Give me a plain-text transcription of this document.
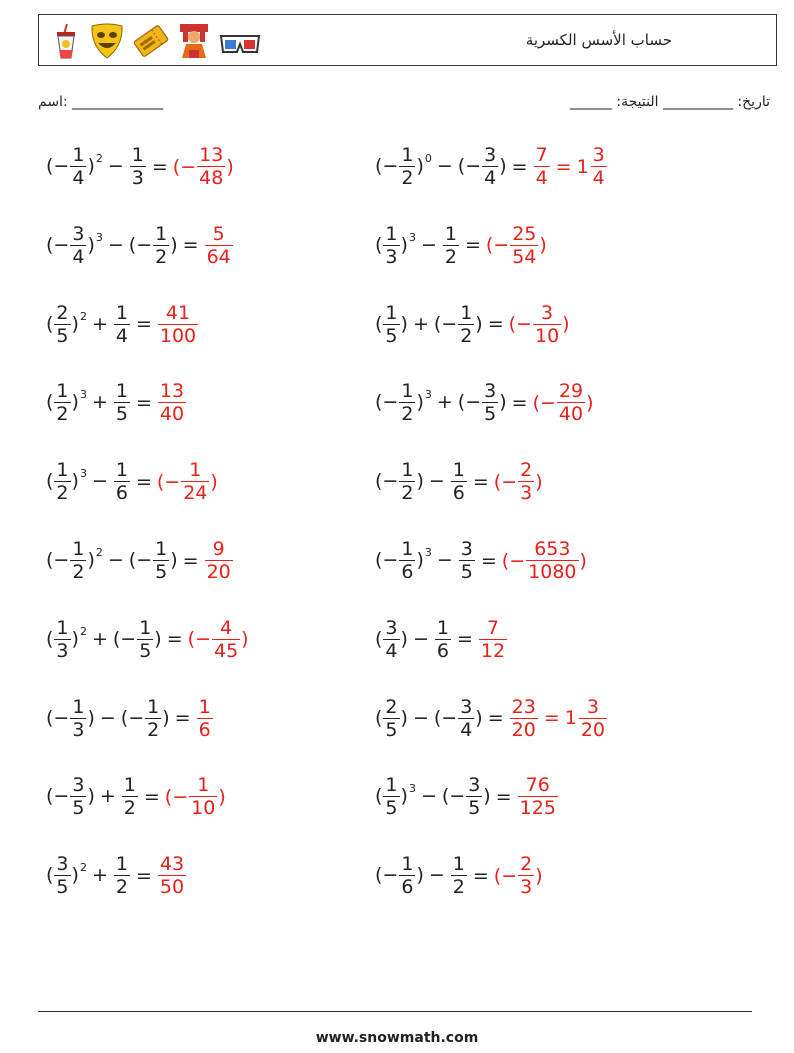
حساب الأسس الكسرية
اسم: _____________	______ :تاريخ: __________ النتيجة
(− $\frac{1}{4} )^2 - \frac{1}{3}$ = ( − $\frac{13}{48}$ )	(− $\frac{1}{2} )^0$ − (− $\frac{3}{4}$ ) = $\frac{7}{4} = 1 \frac{3}{4}$
(− $\frac{3}{4} )^3$ − (− $\frac{1}{2}$ ) = $\frac{5}{64}$	( $\frac{1}{3} )^3 - \frac{1}{2}$ = ( − $\frac{25}{54}$ )
( $\frac{2}{5} )^2 + \frac{1}{4} = \frac{41}{100}$	( $\frac{1}{5}$ ) + (− $\frac{1}{2}$ ) = ( − $\frac{3}{10}$ )
( $\frac{1}{2} )^3 + \frac{1}{5} = \frac{13}{40}$	(− $\frac{1}{2} )^3$ + (− $\frac{3}{5}$ ) = ( − $\frac{29}{40}$ )
( $\frac{1}{2} )^3 - \frac{1}{6}$ = ( − $\frac{1}{24}$ )	(− $\frac{1}{2}$ ) − $\frac{1}{6}$ = ( − $\frac{2}{3}$ )
(− $\frac{1}{2} )^2$ − (− $\frac{1}{5}$ ) = $\frac{9}{20}$	(− $\frac{1}{6} )^3 - \frac{3}{5}$ = ( − $\frac{653}{1080}$ )
( $\frac{1}{3} )^2$ + (− $\frac{1}{5}$ ) = ( − $\frac{4}{45}$ )	( $\frac{3}{4}$ ) − $\frac{1}{6} = \frac{7}{12}$
(− $\frac{1}{3}$ ) − (− $\frac{1}{2}$ ) = $\frac{1}{6}$	( $\frac{2}{5}$ ) − (− $\frac{3}{4}$ ) = $\frac{23}{20} = 1 \frac{3}{20}$
(− $\frac{3}{5}$ ) + $\frac{1}{2}$ = ( − $\frac{1}{10}$ )	( $\frac{1}{5} )^3$ − (− $\frac{3}{5}$ ) = $\frac{76}{125}$
( $\frac{3}{5} )^2 + \frac{1}{2} = \frac{43}{50}$	(− $\frac{1}{6}$ ) − $\frac{1}{2}$ = ( − $\frac{2}{3}$ )
www.snowmath.com
